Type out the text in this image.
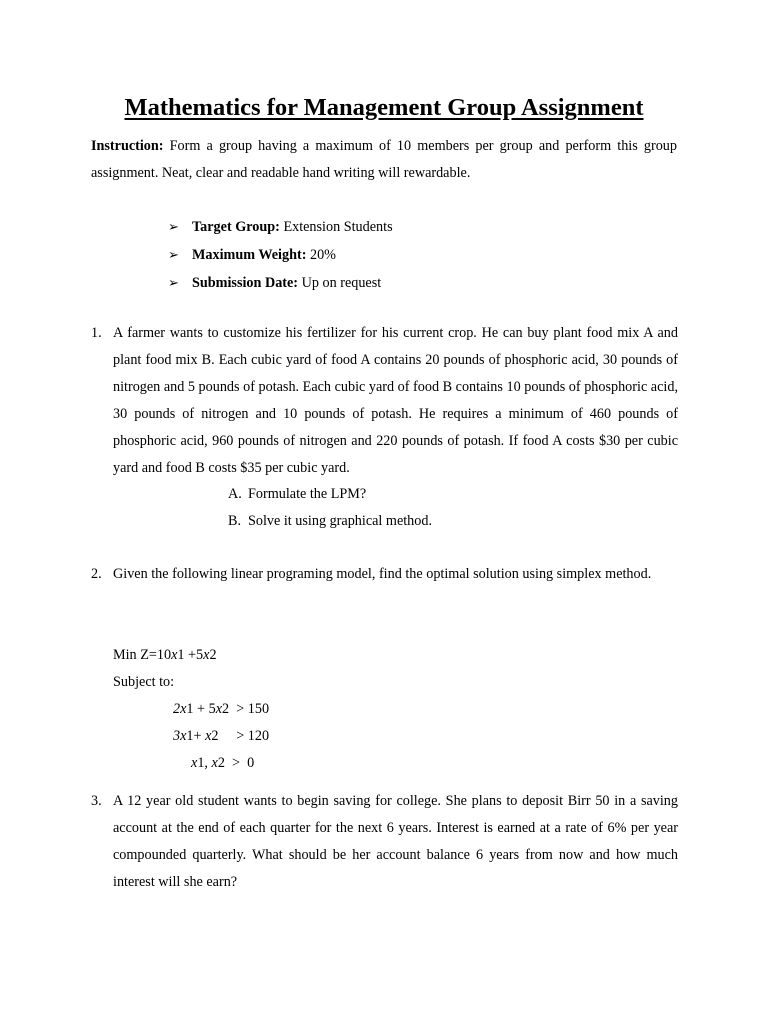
Mathematics for Management Group Assignment
Instruction: Form a group having a maximum of 10 members per group and perform this group assignment. Neat, clear and readable hand writing will rewardable.
➢ Target Group: Extension Students
➢ Maximum Weight: 20%
➢ Submission Date: Up on request
1. A farmer wants to customize his fertilizer for his current crop. He can buy plant food mix A and plant food mix B. Each cubic yard of food A contains 20 pounds of phosphoric acid, 30 pounds of nitrogen and 5 pounds of potash. Each cubic yard of food B contains 10 pounds of phosphoric acid, 30 pounds of nitrogen and 10 pounds of potash. He requires a minimum of 460 pounds of phosphoric acid, 960 pounds of nitrogen and 220 pounds of potash. If food A costs $30 per cubic yard and food B costs $35 per cubic yard.
A. Formulate the LPM?
B. Solve it using graphical method.
2. Given the following linear programing model, find the optimal solution using simplex method.
Min Z=10x1 +5x2
Subject to:
2x1 + 5x2  > 150
3x1+ x2     > 120
x1, x2  >  0
3. A 12 year old student wants to begin saving for college. She plans to deposit Birr 50 in a saving account at the end of each quarter for the next 6 years. Interest is earned at a rate of 6% per year compounded quarterly. What should be her account balance 6 years from now and how much interest will she earn?
